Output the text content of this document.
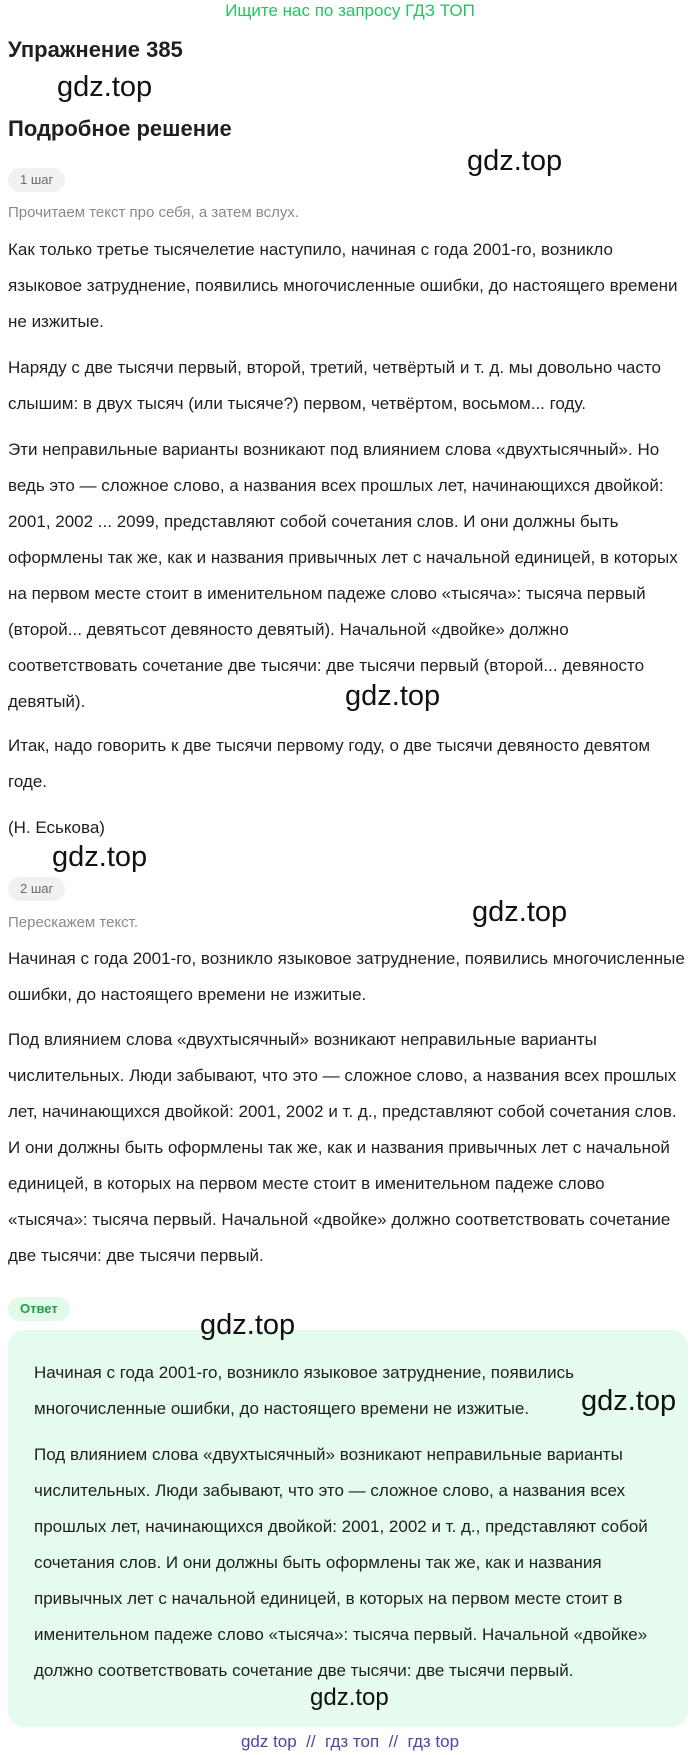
Ищите нас по запросу ГДЗ ТОП
Упражнение 385
gdz.top
Подробное решение
gdz.top
1 шаг
Прочитаем текст про себя, а затем вслух.

Как только третье тысячелетие наступило, начиная с года 2001-го, возникло языковое затруднение, появились многочисленные ошибки, до настоящего времени не изжитые.

Наряду с две тысячи первый, второй, третий, четвёртый и т. д. мы довольно часто слышим: в двух тысяч (или тысяче?) первом, четвёртом, восьмом... году.

Эти неправильные варианты возникают под влиянием слова «двухтысячный». Но ведь это — сложное слово, а названия всех прошлых лет, начинающихся двойкой: 2001, 2002 ... 2099, представляют собой сочетания слов. И они должны быть оформлены так же, как и названия привычных лет с начальной единицей, в которых на первом месте стоит в именительном падеже слово «тысяча»: тысяча первый (второй... девятьсот девяносто девятый). Начальной «двойке» должно соответствовать сочетание две тысячи: две тысячи первый (второй... девяносто девятый).	gdz.top

Итак, надо говорить к две тысячи первому году, о две тысячи девяносто девятом годе.

(Н. Еськова)

gdz.top
2 шаг
gdz.top
Перескажем текст.

Начиная с года 2001-го, возникло языковое затруднение, появились многочисленные ошибки, до настоящего времени не изжитые.

Под влиянием слова «двухтысячный» возникают неправильные варианты числительных. Люди забывают, что это — сложное слово, а названия всех прошлых лет, начинающихся двойкой: 2001, 2002 и т. д., представляют собой сочетания слов. И они должны быть оформлены так же, как и названия привычных лет с начальной единицей, в которых на первом месте стоит в именительном падеже слово «тысяча»: тысяча первый. Начальной «двойке» должно соответствовать сочетание две тысячи: две тысячи первый.

Ответ

Начиная с года 2001-го, возникло языковое затруднение, появились многочисленные ошибки, до настоящего времени не изжитые.

Под влиянием слова «двухтысячный» возникают неправильные варианты числительных. Люди забывают, что это — сложное слово, а названия всех прошлых лет, начинающихся двойкой: 2001, 2002 и т. д., представляют собой сочетания слов. И они должны быть оформлены так же, как и названия привычных лет с начальной единицей, в которых на первом месте стоит в именительном падеже слово «тысяча»: тысяча первый. Начальной «двойке» должно соответствовать сочетание две тысячи: две тысячи первый.

gdz.top
gdz.top
gdz.top
gdz top  //  гдз топ  //  гдз top
